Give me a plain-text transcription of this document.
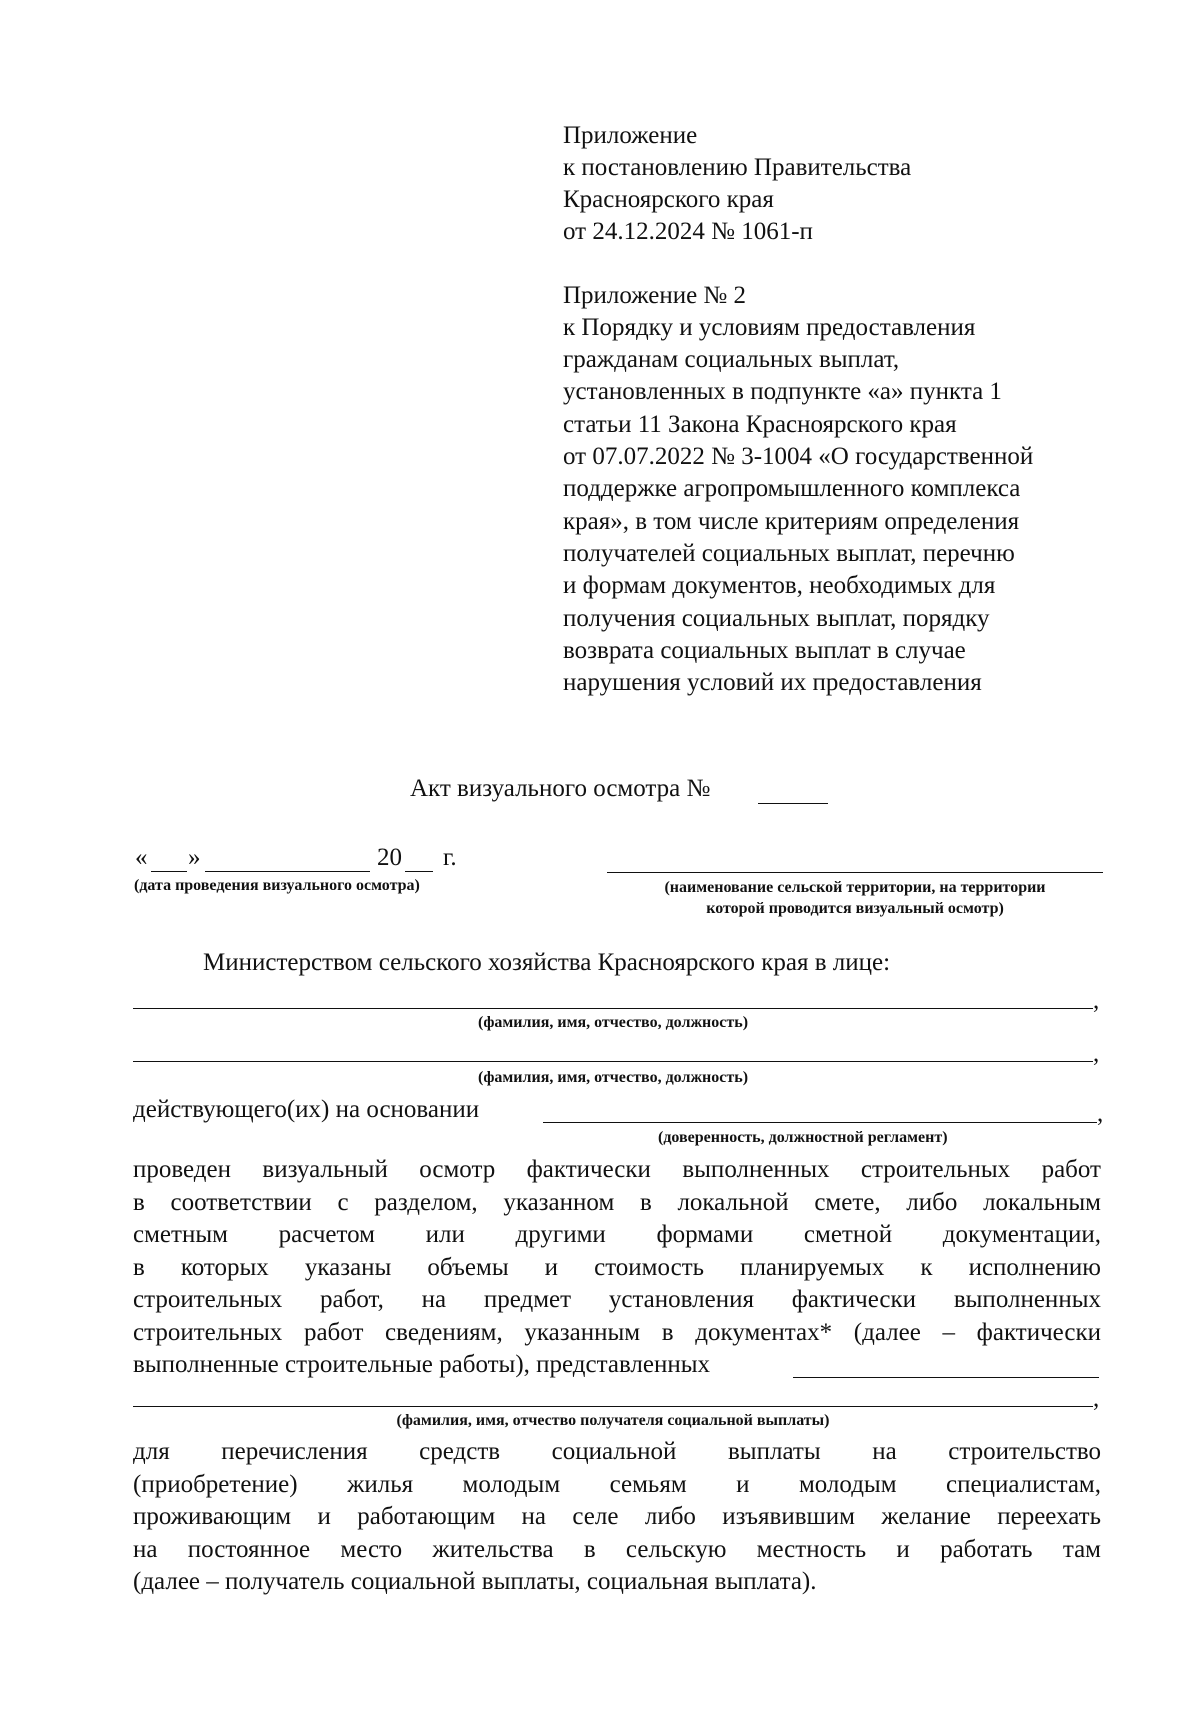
Приложение
к постановлению Правительства
Красноярского края
от 24.12.2024 № 1061-п
Приложение № 2
к Порядку и условиям предоставления
гражданам социальных выплат,
установленных в подпункте «а» пункта 1
статьи 11 Закона Красноярского края
от 07.07.2022 № 3-1004 «О государственной
поддержке агропромышленного комплекса
края», в том числе критериям определения
получателей социальных выплат, перечню
и формам документов, необходимых для
получения социальных выплат, порядку
возврата социальных выплат в случае
нарушения условий их предоставления
Акт визуального осмотра №
« »	20 г.
(дата проведения визуального осмотра)	(наименование сельской территории, на территории
которой проводится визуальный осмотр)
Министерством сельского хозяйства Красноярского края в лице:
,
(фамилия, имя, отчество, должность)
,
(фамилия, имя, отчество, должность)
действующего(их) на основании	,
(доверенность, должностной регламент)
проведен визуальный осмотр фактически выполненных строительных работ
в соответствии с разделом, указанном в локальной смете, либо локальным
сметным расчетом или другими формами сметной документации,
в которых указаны объемы и стоимость планируемых к исполнению
строительных работ, на предмет установления фактически выполненных
строительных работ сведениям, указанным в документах* (далее – фактически
выполненные строительные работы), представленных
,
(фамилия, имя, отчество получателя социальной выплаты)
для перечисления средств социальной выплаты на строительство
(приобретение) жилья молодым семьям и молодым специалистам,
проживающим и работающим на селе либо изъявившим желание переехать
на постоянное место жительства в сельскую местность и работать там
(далее – получатель социальной выплаты, социальная выплата).
